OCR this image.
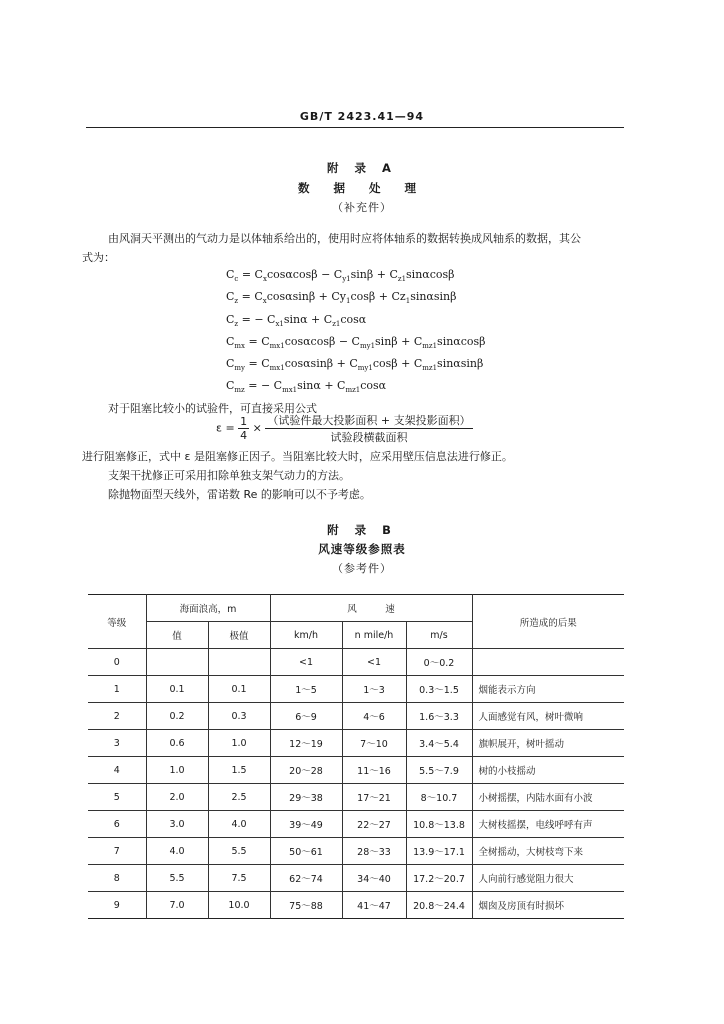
GB/T 2423.41—94
附 录 A
数 据 处 理
（补充件）
由风洞天平测出的气动力是以体轴系给出的，使用时应将体轴系的数据转换成风轴系的数据，其公
式为：
$C_c = C_x\cos\alpha\cos\beta - C_{y1}\sin\beta + C_{z1}\sin\alpha\cos\beta$
$C_z = C_x\cos\alpha\sin\beta + Cy_1\cos\beta + Cz_1\sin\alpha\sin\beta$
$C_z$ = − $C_{x1}\sin\alpha + C_{z1}\cos\alpha$
$C_{mx} = C_{mx1}\cos\alpha\cos\beta - C_{my1}\sin\beta + C_{mz1}\sin\alpha\cos\beta$
$C_{my} = C_{mx1}\cos\alpha\sin\beta + C_{my1}\cos\beta + C_{mz1}\sin\alpha\sin\beta$
$C_{mz}$ = − $C_{mx1}\sin\alpha + C_{mz1}\cos\alpha$
对于阻塞比较小的试验件，可直接采用公式
$\varepsilon = \frac{1}{4} \times \frac{\text{（试验件最大投影面积 + 支架投影面积）}}{\text{试验段横截面积}}$
进行阻塞修正，式中 ε 是阻塞修正因子。当阻塞比较大时，应采用壁压信息法进行修正。
支架干扰修正可采用扣除单独支架气动力的方法。
除抛物面型天线外，雷诺数 Re 的影响可以不予考虑。
附 录 B
风速等级参照表
（参考件）
等级	海面浪高，m		风　　　速			所造成的后果
	值	极值	km/h	n mile/h	m/s	
0			<1	<1	0～0.2	
1	0.1	0.1	1～5	1～3	0.3～1.5	烟能表示方向
2	0.2	0.3	6～9	4～6	1.6～3.3	人面感觉有风，树叶微响
3	0.6	1.0	12～19	7～10	3.4～5.4	旗帜展开，树叶摇动
4	1.0	1.5	20～28	11～16	5.5～7.9	树的小枝摇动
5	2.0	2.5	29～38	17～21	8～10.7	小树摇摆，内陆水面有小波
6	3.0	4.0	39～49	22～27	10.8～13.8	大树枝摇摆，电线呼呼有声
7	4.0	5.5	50～61	28～33	13.9～17.1	全树摇动，大树枝弯下来
8	5.5	7.5	62～74	34～40	17.2～20.7	人向前行感觉阻力很大
9	7.0	10.0	75～88	41～47	20.8～24.4	烟囱及房顶有时损坏
